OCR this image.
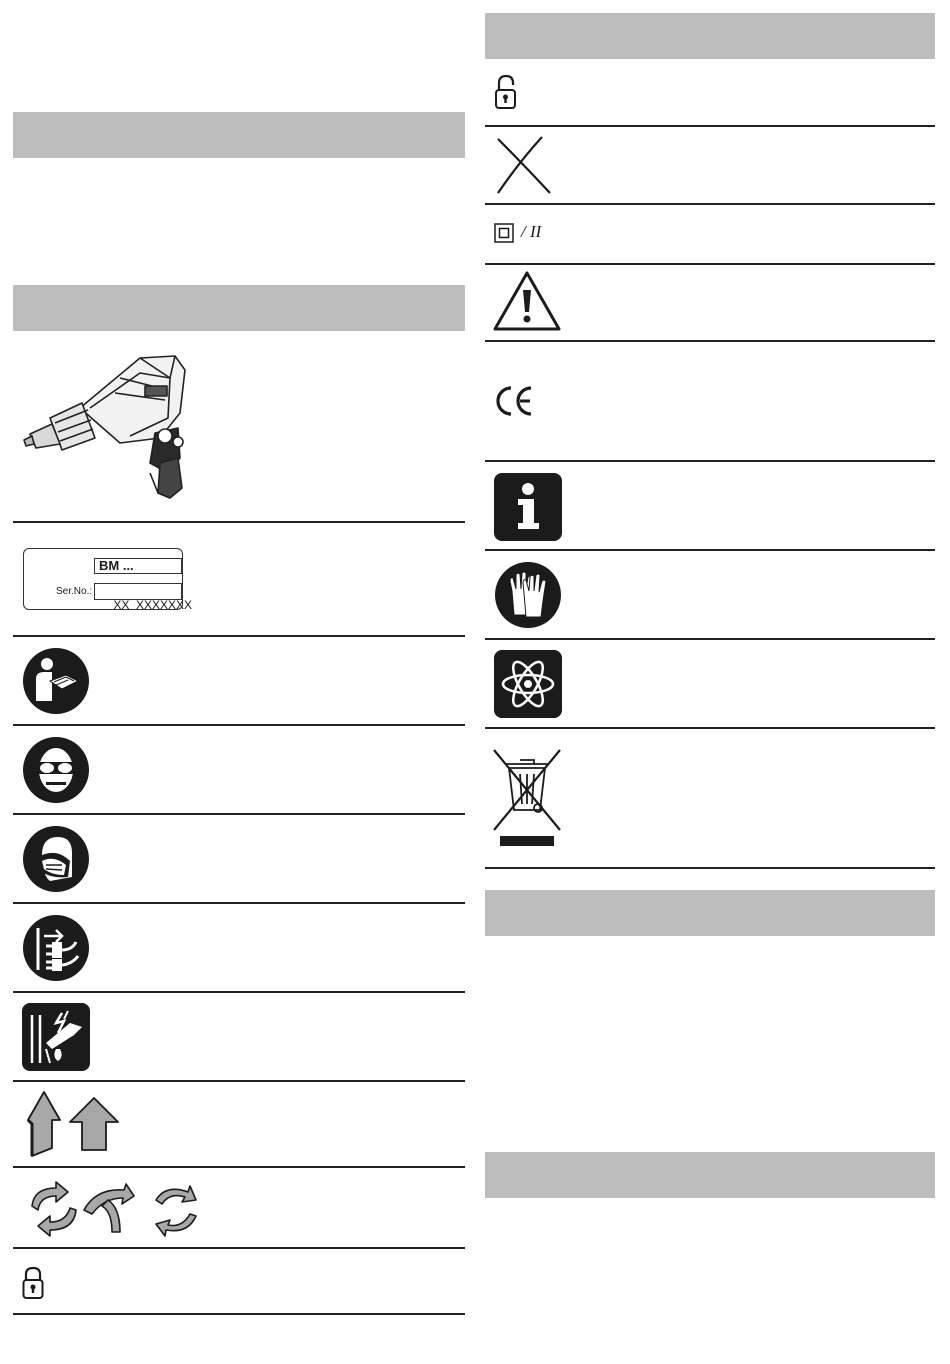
BM ...
Ser.No.:

XX  XXXXXXX

/ II
